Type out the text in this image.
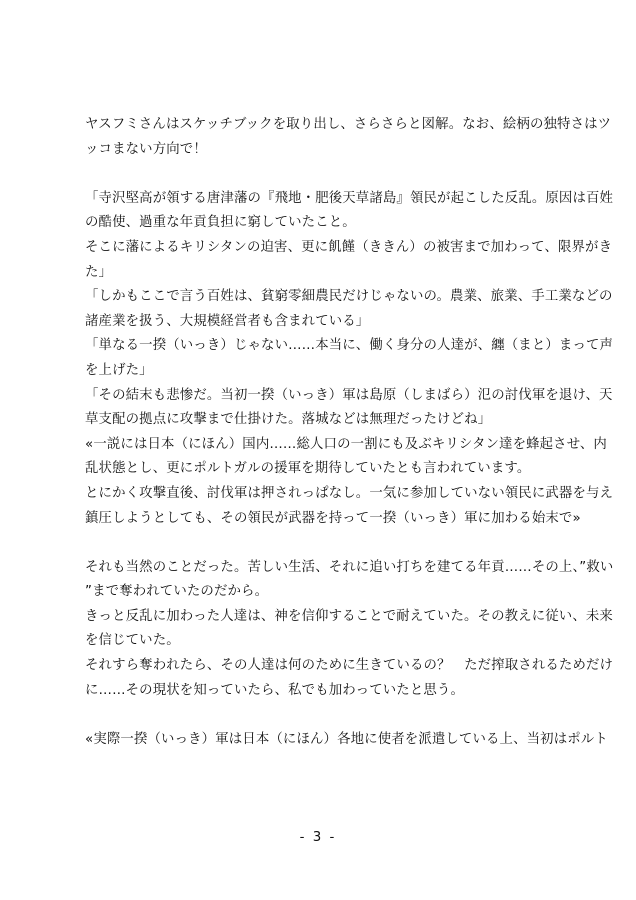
ヤスフミさんはスケッチブックを取り出し、さらさらと図解。なお、絵柄の独特さはツ
ッコまない方向で！
「寺沢堅高が領する唐津藩の『飛地・肥後天草諸島』領民が起こした反乱。原因は百姓
の酷使、過重な年貢負担に窮していたこと。
そこに藩によるキリシタンの迫害、更に飢饉（ききん）の被害まで加わって、限界がき
た」
「しかもここで言う百姓は、貧窮零細農民だけじゃないの。農業、旅業、手工業などの
諸産業を扱う、大規模経営者も含まれている」
「単なる一揆（いっき）じゃない……本当に、働く身分の人達が、纏（まと）まって声
を上げた」
「その結末も悲惨だ。当初一揆（いっき）軍は島原（しまばら）氾の討伐軍を退け、天
草支配の拠点に攻撃まで仕掛けた。落城などは無理だったけどね」
«一説には日本（にほん）国内……総人口の一割にも及ぶキリシタン達を蜂起させ、内
乱状態とし、更にポルトガルの援軍を期待していたとも言われています。
とにかく攻撃直後、討伐軍は押されっぱなし。一気に参加していない領民に武器を与え
鎮圧しようとしても、その領民が武器を持って一揆（いっき）軍に加わる始末で»
それも当然のことだった。苦しい生活、それに追い打ちを建てる年貢……その上、”救い
”まで奪われていたのだから。
きっと反乱に加わった人達は、神を信仰することで耐えていた。その教えに従い、未来
を信じていた。
それすら奪われたら、その人達は何のために生きているの？　ただ搾取されるためだけ
に……その現状を知っていたら、私でも加わっていたと思う。
«実際一揆（いっき）軍は日本（にほん）各地に使者を派遣している上、当初はポルト
- 3 -
